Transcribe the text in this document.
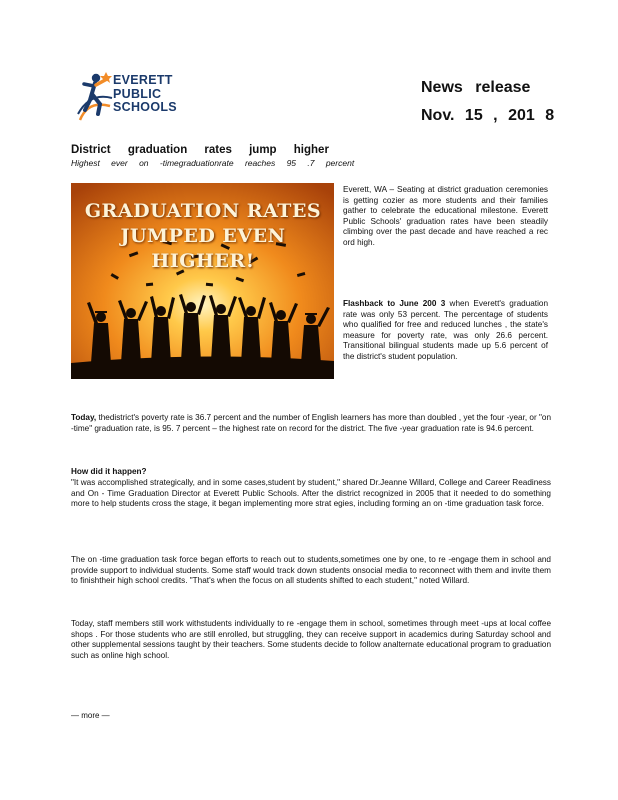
EVERETT
PUBLIC
SCHOOLS
News release
Nov. 15 , 201 8
District graduation rates jump higher
Highest ever on -timegraduationrate reaches 95 .7 percent
GRADUATION RATES JUMPED EVEN HIGHER!
Everett, WA – Seating at district graduation ceremonies is getting cozier as more students and their families gather to celebrate the educational milestone. Everett Public Schools' graduation rates have been steadily climbing over the past decade and have reached a rec ord high.
Flashback to June 200 3 when Everett's graduation rate was only 53 percent. The percentage of students who qualified for free and reduced lunches , the state's measure for poverty rate, was only 26.6 percent. Transitional bilingual students made up 5.6 percent of the district's student population.
Today, thedistrict's poverty rate is 36.7 percent and the number of English learners has more than doubled , yet the four -year, or "on -time" graduation rate, is 95. 7 percent – the highest rate on record for the district. The five -year graduation rate is 94.6 percent.
How did it happen?
"It was accomplished strategically, and in some cases,student by student," shared Dr.Jeanne Willard, College and Career Readiness and On - Time Graduation Director at Everett Public Schools. After the district recognized in 2005 that it needed to do something more to help students cross the stage, it began implementing more strat egies, including forming an on -time graduation task force.
The on -time graduation task force began efforts to reach out to students,sometimes one by one, to re -engage them in school and provide support to individual students. Some staff would track down students onsocial media to reconnect with them and invite them to finishtheir high school credits. "That's when the focus on all students shifted to each student," noted Willard.
Today, staff members still work withstudents individually to re -engage them in school, sometimes through meet -ups at local coffee shops . For those students who are still enrolled, but struggling, they can receive support in academics during Saturday school and other supplemental sessions taught by their teachers. Some students decide to follow analternate educational program to graduation such as online high school.
— more —
